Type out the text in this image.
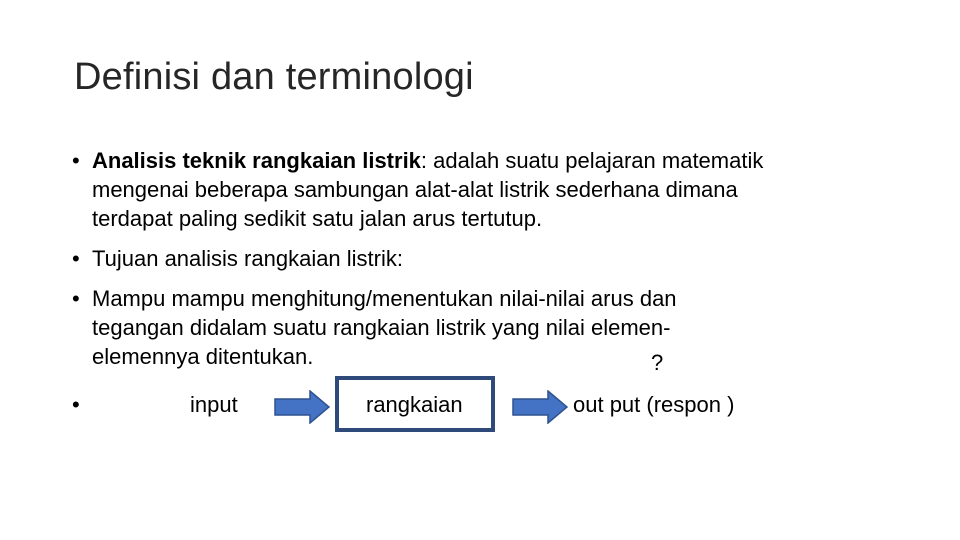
Definisi dan terminologi
• Analisis teknik rangkaian listrik: adalah suatu pelajaran matematik
mengenai beberapa sambungan alat-alat listrik sederhana dimana
terdapat paling sedikit satu jalan arus tertutup.
• Tujuan analisis rangkaian listrik:
• Mampu mampu menghitung/menentukan nilai-nilai arus dan
tegangan didalam suatu rangkaian listrik yang nilai elemen-
elemennya ditentukan.	?
•	input	rangkaian	out put (respon )
